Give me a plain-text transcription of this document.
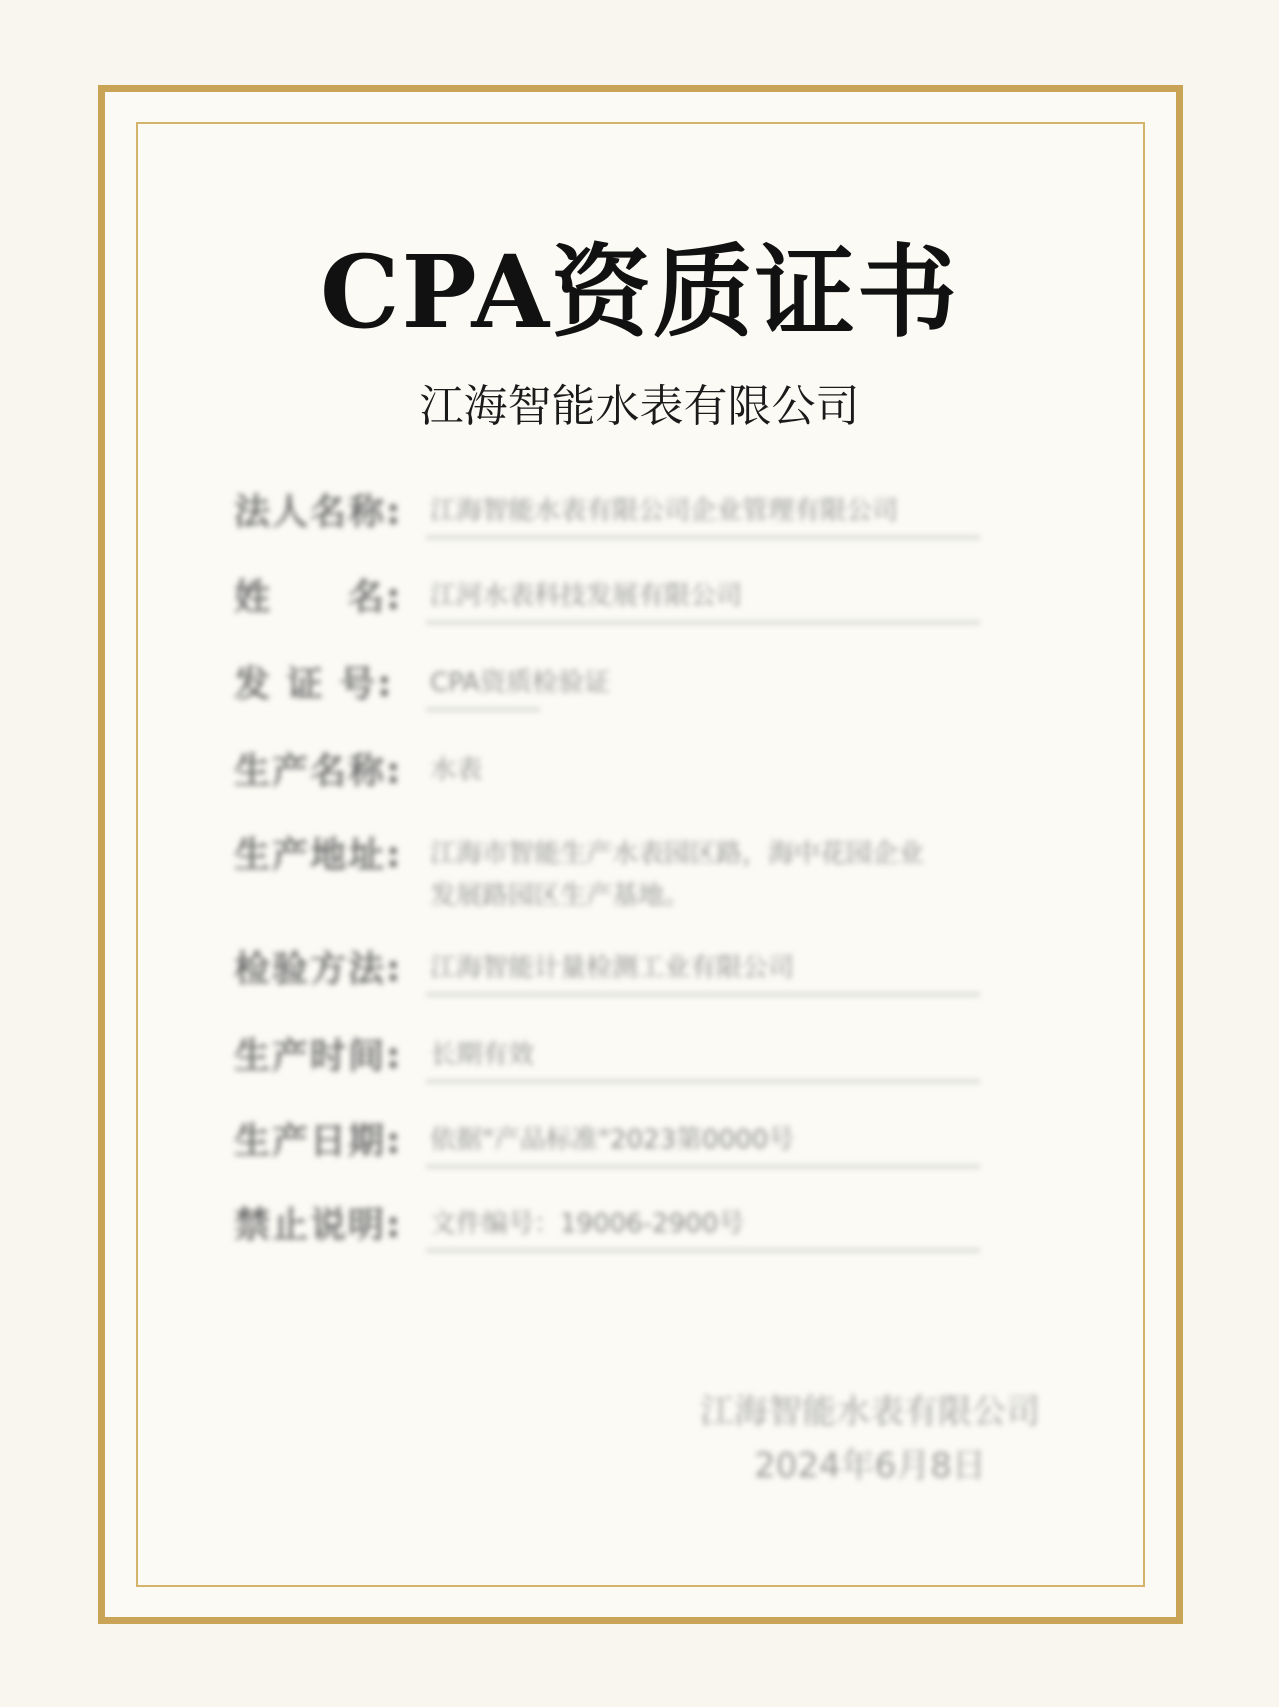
CPA资质证书
江海智能水表有限公司
法人名称: 江海智能水表有限公司企业管理有限公司
姓　　名: 江河水表科技发展有限公司
发 证 号: CPA资质检验证
生产名称: 水表
生产地址: 江海市智能生产水表园区路，海中花园企业
发展路园区生产基地。
检验方法: 江海智能计量检测工业有限公司
生产时间: 长期有效
生产日期: 依据"产品标准"2023第0000号
禁止说明: 文件编号：19006-2900号
江海智能水表有限公司
2024年6月8日
